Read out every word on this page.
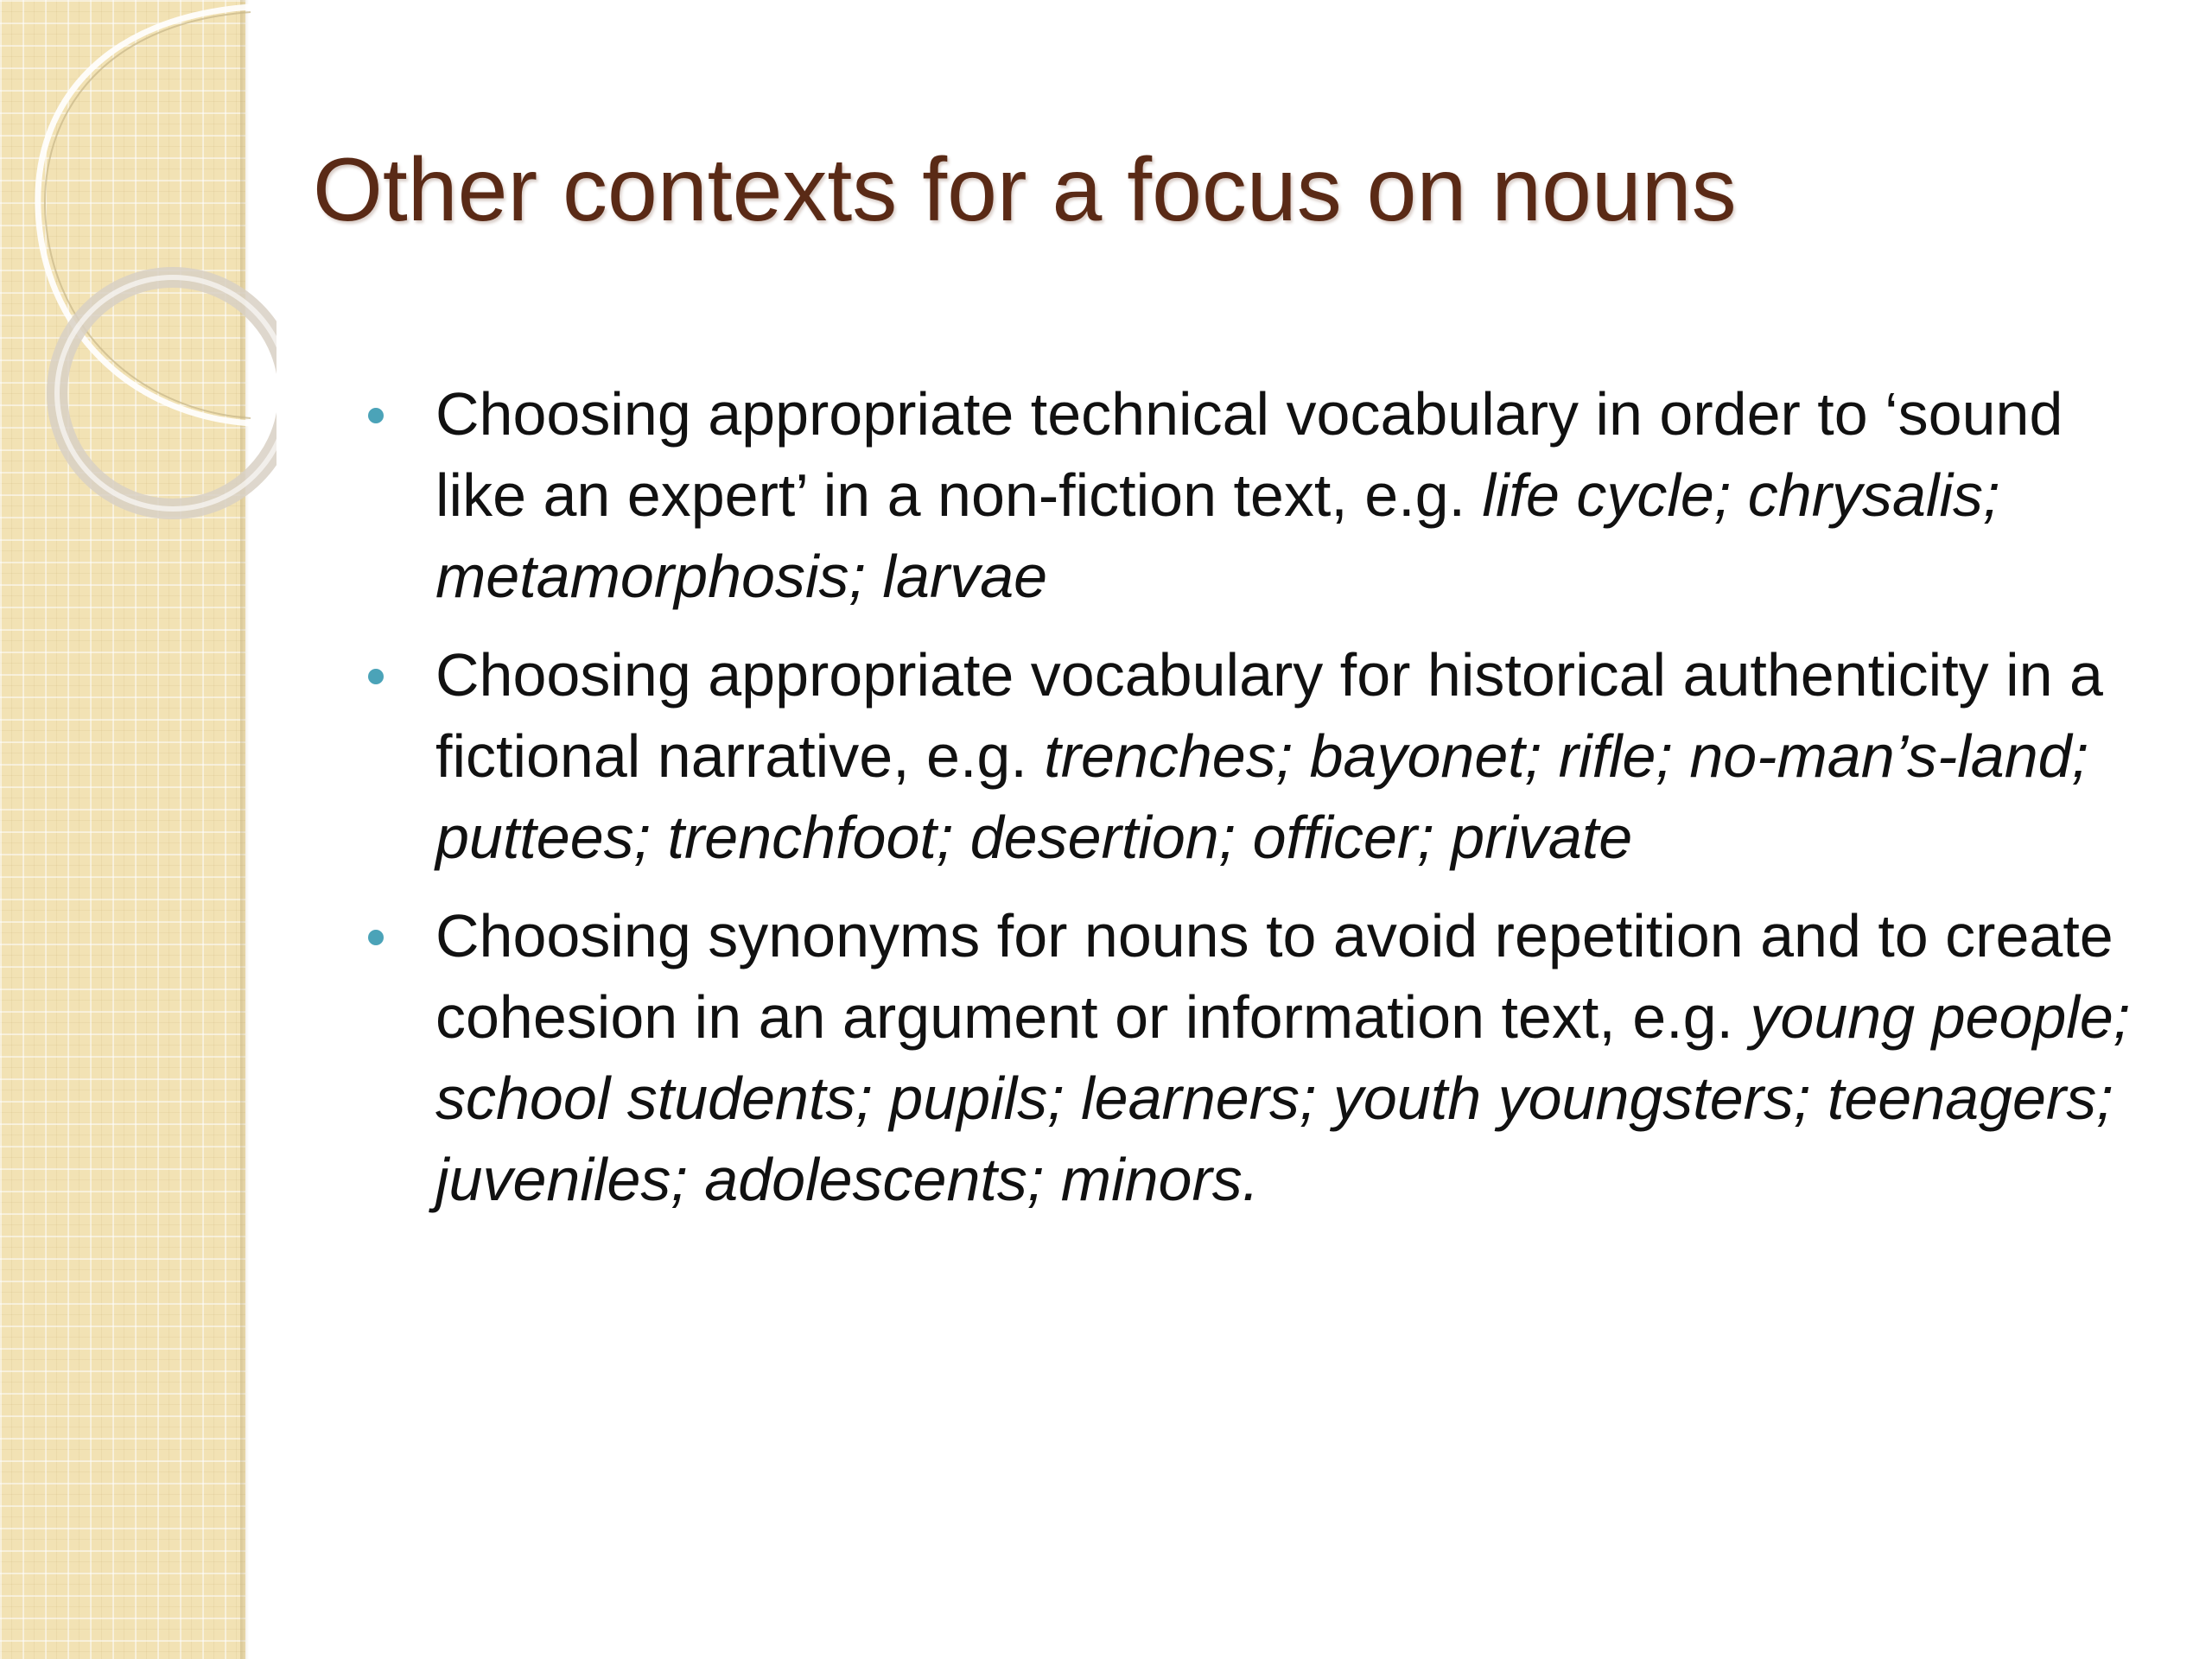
Other contexts for a focus on nouns

Choosing appropriate technical vocabulary in order to ‘sound like an expert’ in a non-fiction text, e.g. life cycle; chrysalis; metamorphosis; larvae

Choosing appropriate vocabulary for historical authenticity in a fictional narrative, e.g. trenches; bayonet; rifle; no-man’s-land; puttees; trenchfoot; desertion; officer; private

Choosing synonyms for nouns to avoid repetition and to create cohesion in an argument or information text, e.g. young people; school students; pupils; learners; youth youngsters; teenagers; juveniles; adolescents; minors.
